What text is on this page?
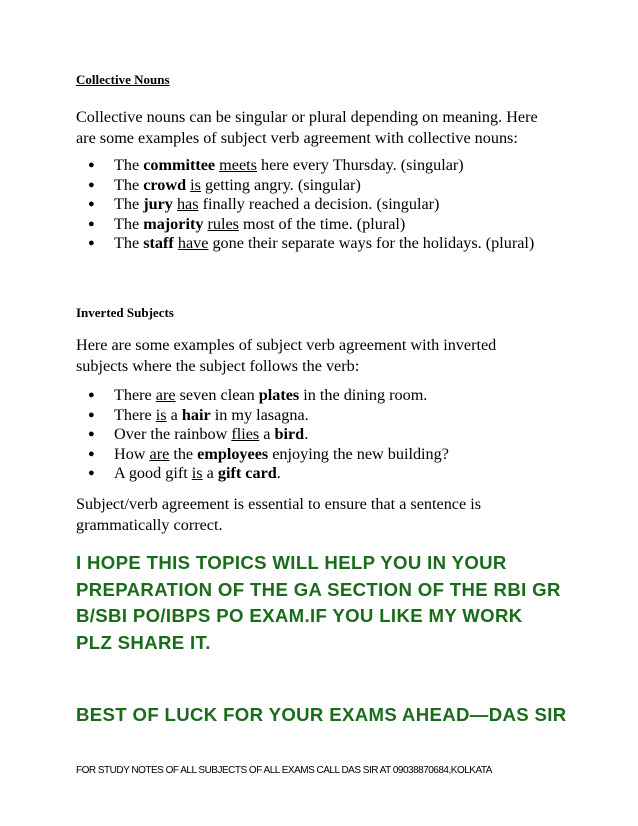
Collective Nouns

Collective nouns can be singular or plural depending on meaning. Here
are some examples of subject verb agreement with collective nouns:

● The committee meets here every Thursday. (singular)
● The crowd is getting angry. (singular)
● The jury has finally reached a decision. (singular)
● The majority rules most of the time. (plural)
● The staff have gone their separate ways for the holidays. (plural)
Inverted Subjects

Here are some examples of subject verb agreement with inverted
subjects where the subject follows the verb:

● There are seven clean plates in the dining room.
● There is a hair in my lasagna.
● Over the rainbow flies a bird.
● How are the employees enjoying the new building?
● A good gift is a gift card.

Subject/verb agreement is essential to ensure that a sentence is
grammatically correct.

I HOPE THIS TOPICS WILL HELP YOU IN YOUR
PREPARATION OF THE GA SECTION OF THE RBI GR
B/SBI PO/IBPS PO EXAM.IF YOU LIKE MY WORK
PLZ SHARE IT.

BEST OF LUCK FOR YOUR EXAMS AHEAD—DAS SIR

FOR STUDY NOTES OF ALL SUBJECTS OF ALL EXAMS CALL DAS SIR AT 09038870684,KOLKATA
